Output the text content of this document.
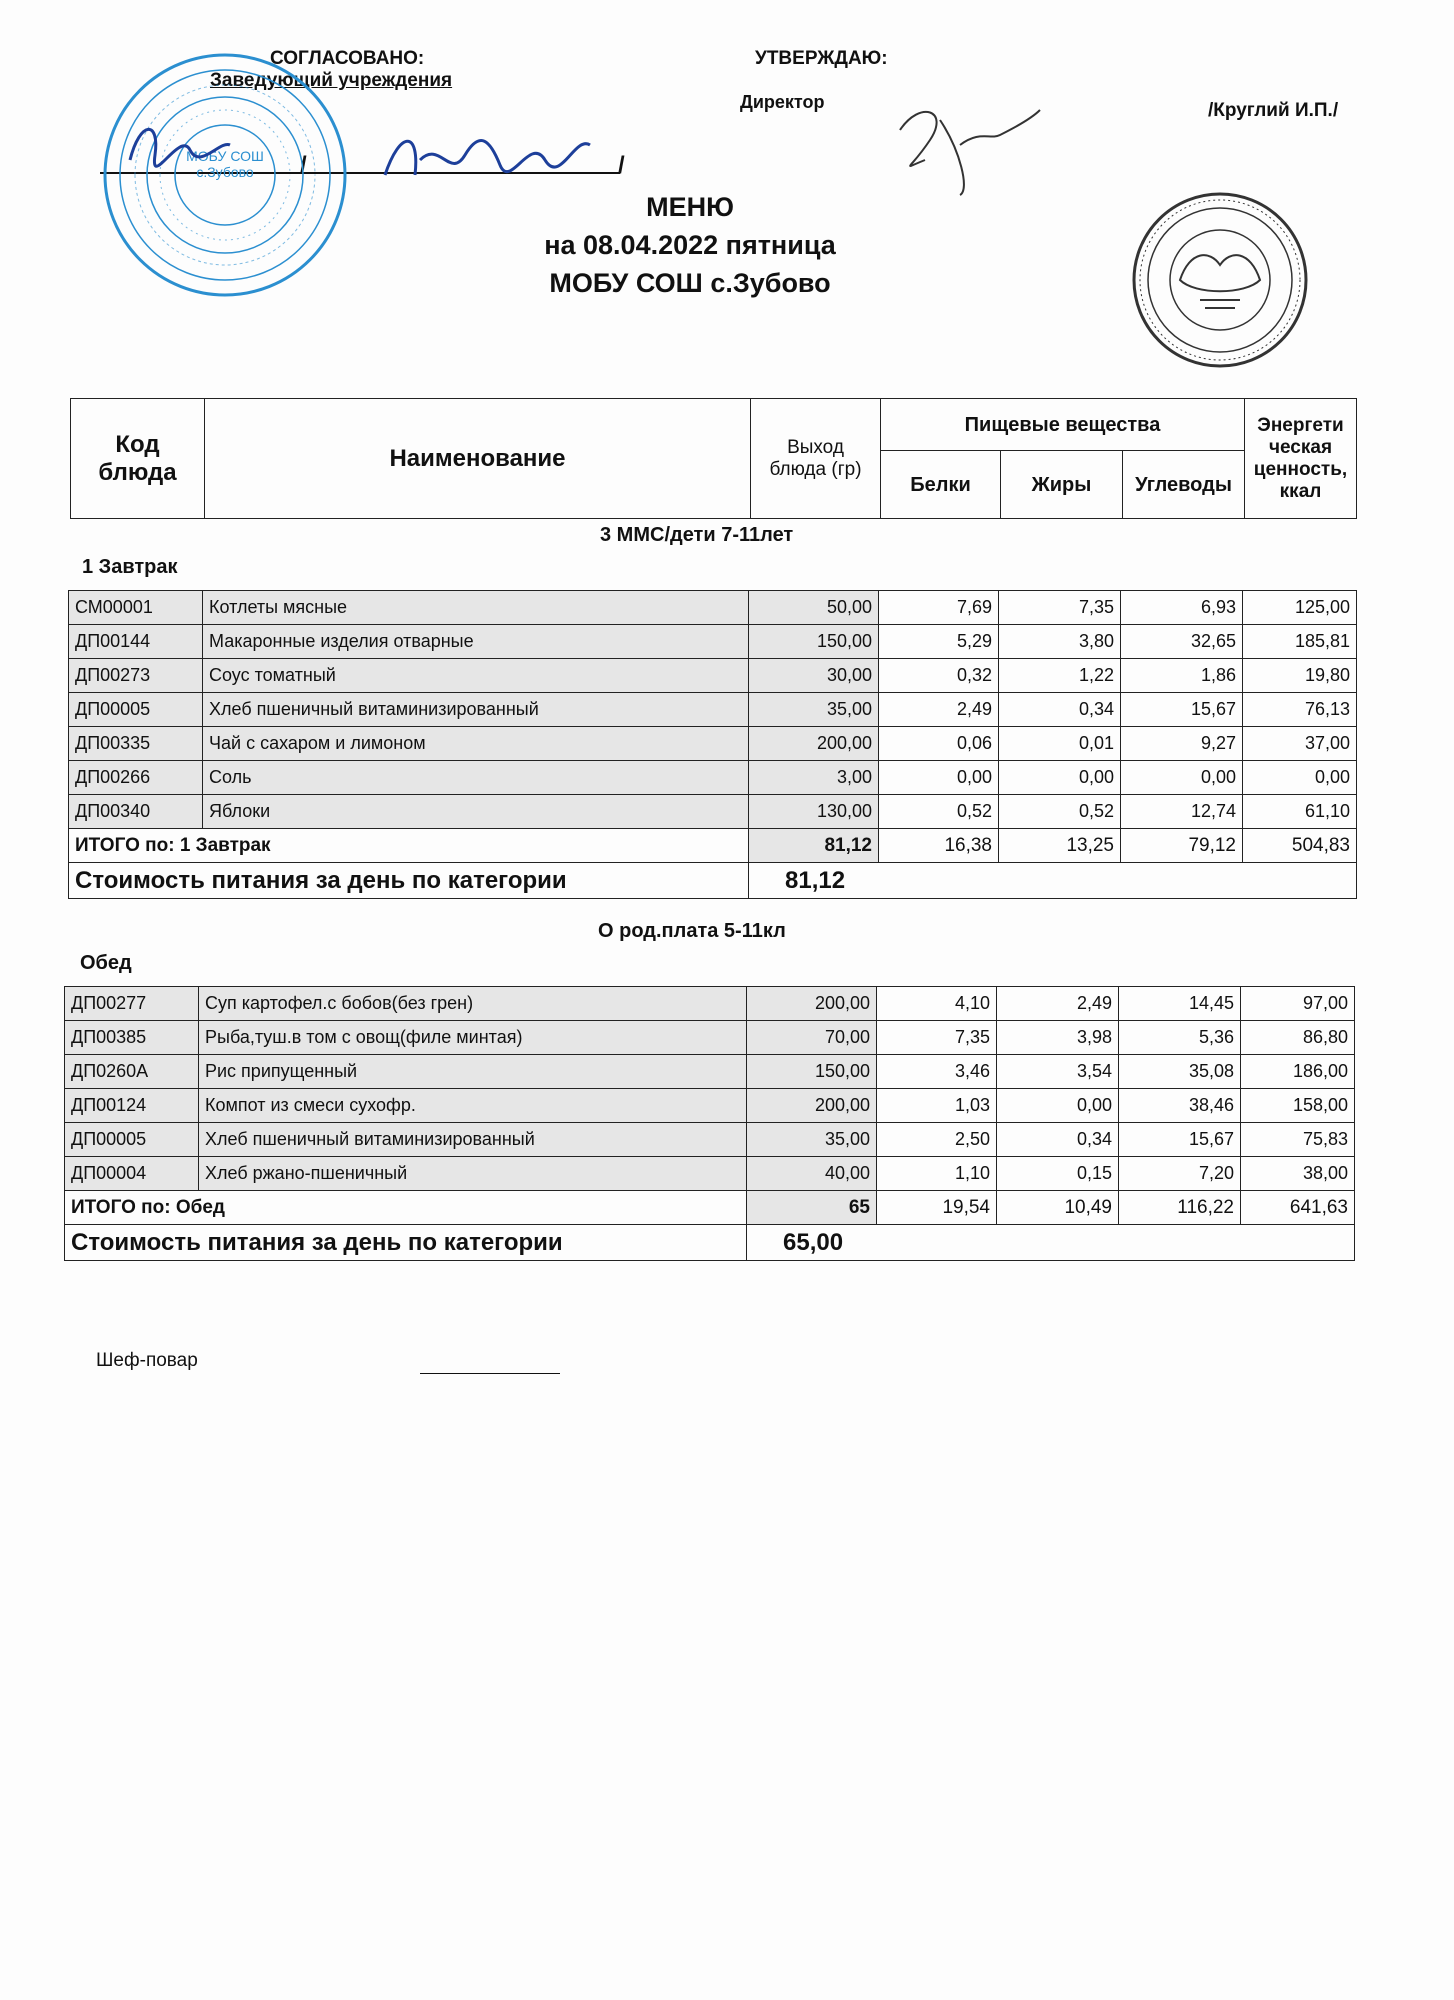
СОГЛАСОВАНО:
Заведующий учреждения
/	/
МОБУ СОШ с.Зубово
УТВЕРЖДАЮ:
Директор	/Круглий И.П./
МЕНЮ
на 08.04.2022 пятница
МОБУ СОШ с.Зубово
Код блюда	Наименование	Выход блюда (гр)	Пищевые вещества			Энергети ческая ценность, ккал
			Белки	Жиры	Углеводы	
3 ММС/дети 7-11лет
1 Завтрак
СМ00001	Котлеты мясные	50,00	7,69	7,35	6,93	125,00
ДП00144	Макаронные изделия отварные	150,00	5,29	3,80	32,65	185,81
ДП00273	Соус томатный	30,00	0,32	1,22	1,86	19,80
ДП00005	Хлеб пшеничный витаминизированный	35,00	2,49	0,34	15,67	76,13
ДП00335	Чай с сахаром и лимоном	200,00	0,06	0,01	9,27	37,00
ДП00266	Соль	3,00	0,00	0,00	0,00	0,00
ДП00340	Яблоки	130,00	0,52	0,52	12,74	61,10
ИТОГО по: 1 Завтрак		81,12	16,38	13,25	79,12	504,83
Стоимость питания за день по категории		81,12				
О род.плата 5-11кл
Обед
ДП00277	Суп картофел.с бобов(без грен)	200,00	4,10	2,49	14,45	97,00
ДП00385	Рыба,туш.в том с овощ(филе минтая)	70,00	7,35	3,98	5,36	86,80
ДП0260А	Рис припущенный	150,00	3,46	3,54	35,08	186,00
ДП00124	Компот из смеси сухофр.	200,00	1,03	0,00	38,46	158,00
ДП00005	Хлеб пшеничный витаминизированный	35,00	2,50	0,34	15,67	75,83
ДП00004	Хлеб ржано-пшеничный	40,00	1,10	0,15	7,20	38,00
ИТОГО по: Обед		65	19,54	10,49	116,22	641,63
Стоимость питания за день по категории		65,00				
Шеф-повар
